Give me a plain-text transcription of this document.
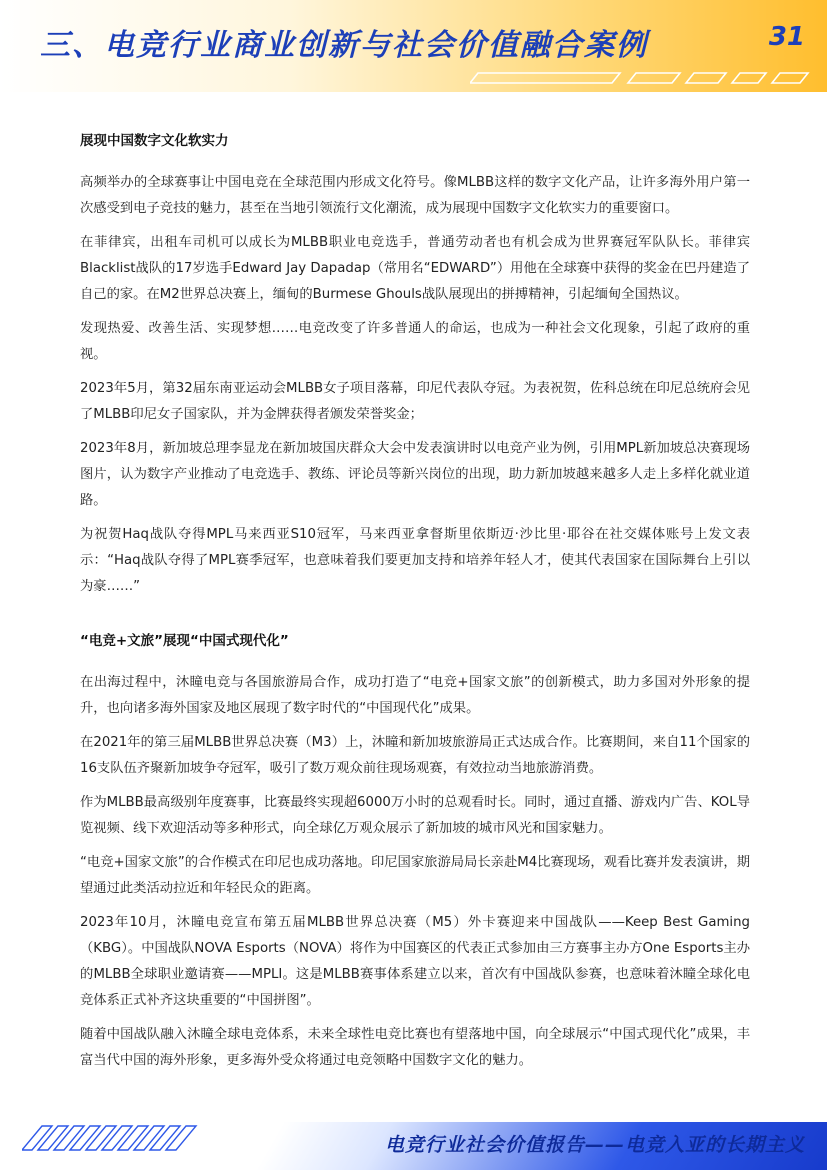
三、电竞行业商业创新与社会价值融合案例	31
展现中国数字文化软实力

高频举办的全球赛事让中国电竞在全球范围内形成文化符号。像MLBB这样的数字文化产品，让许多海外用户第一次感受到电子竞技的魅力，甚至在当地引领流行文化潮流，成为展现中国数字文化软实力的重要窗口。

在菲律宾，出租车司机可以成长为MLBB职业电竞选手，普通劳动者也有机会成为世界赛冠军队队长。菲律宾Blacklist战队的17岁选手Edward Jay Dapadap（常用名“EDWARD”）用他在全球赛中获得的奖金在巴丹建造了自己的家。在M2世界总决赛上，缅甸的Burmese Ghouls战队展现出的拼搏精神，引起缅甸全国热议。

发现热爱、改善生活、实现梦想……电竞改变了许多普通人的命运，也成为一种社会文化现象，引起了政府的重视。

2023年5月，第32届东南亚运动会MLBB女子项目落幕，印尼代表队夺冠。为表祝贺，佐科总统在印尼总统府会见了MLBB印尼女子国家队，并为金牌获得者颁发荣誉奖金；

2023年8月，新加坡总理李显龙在新加坡国庆群众大会中发表演讲时以电竞产业为例，引用MPL新加坡总决赛现场图片，认为数字产业推动了电竞选手、教练、评论员等新兴岗位的出现，助力新加坡越来越多人走上多样化就业道路。

为祝贺Haq战队夺得MPL马来西亚S10冠军，马来西亚拿督斯里依斯迈·沙比里·耶谷在社交媒体账号上发文表示：“Haq战队夺得了MPL赛季冠军，也意味着我们要更加支持和培养年轻人才，使其代表国家在国际舞台上引以为豪……”

“电竞+文旅”展现“中国式现代化”

在出海过程中，沐瞳电竞与各国旅游局合作，成功打造了“电竞+国家文旅”的创新模式，助力多国对外形象的提升，也向诸多海外国家及地区展现了数字时代的“中国现代化”成果。

在2021年的第三届MLBB世界总决赛（M3）上，沐瞳和新加坡旅游局正式达成合作。比赛期间，来自11个国家的16支队伍齐聚新加坡争夺冠军，吸引了数万观众前往现场观赛，有效拉动当地旅游消费。

作为MLBB最高级别年度赛事，比赛最终实现超6000万小时的总观看时长。同时，通过直播、游戏内广告、KOL导览视频、线下欢迎活动等多种形式，向全球亿万观众展示了新加坡的城市风光和国家魅力。

“电竞+国家文旅”的合作模式在印尼也成功落地。印尼国家旅游局局长亲赴M4比赛现场，观看比赛并发表演讲，期望通过此类活动拉近和年轻民众的距离。

2023年10月，沐瞳电竞宣布第五届MLBB世界总决赛（M5）外卡赛迎来中国战队——Keep Best Gaming（KBG）。中国战队NOVA Esports（NOVA）将作为中国赛区的代表正式参加由三方赛事主办方One Esports主办的MLBB全球职业邀请赛——MPLI。这是MLBB赛事体系建立以来，首次有中国战队参赛，也意味着沐瞳全球化电竞体系正式补齐这块重要的“中国拼图”。

随着中国战队融入沐瞳全球电竞体系，未来全球性电竞比赛也有望落地中国，向全球展示“中国式现代化”成果，丰富当代中国的海外形象，更多海外受众将通过电竞领略中国数字文化的魅力。

电竞行业社会价值报告——电竞入亚的长期主义
